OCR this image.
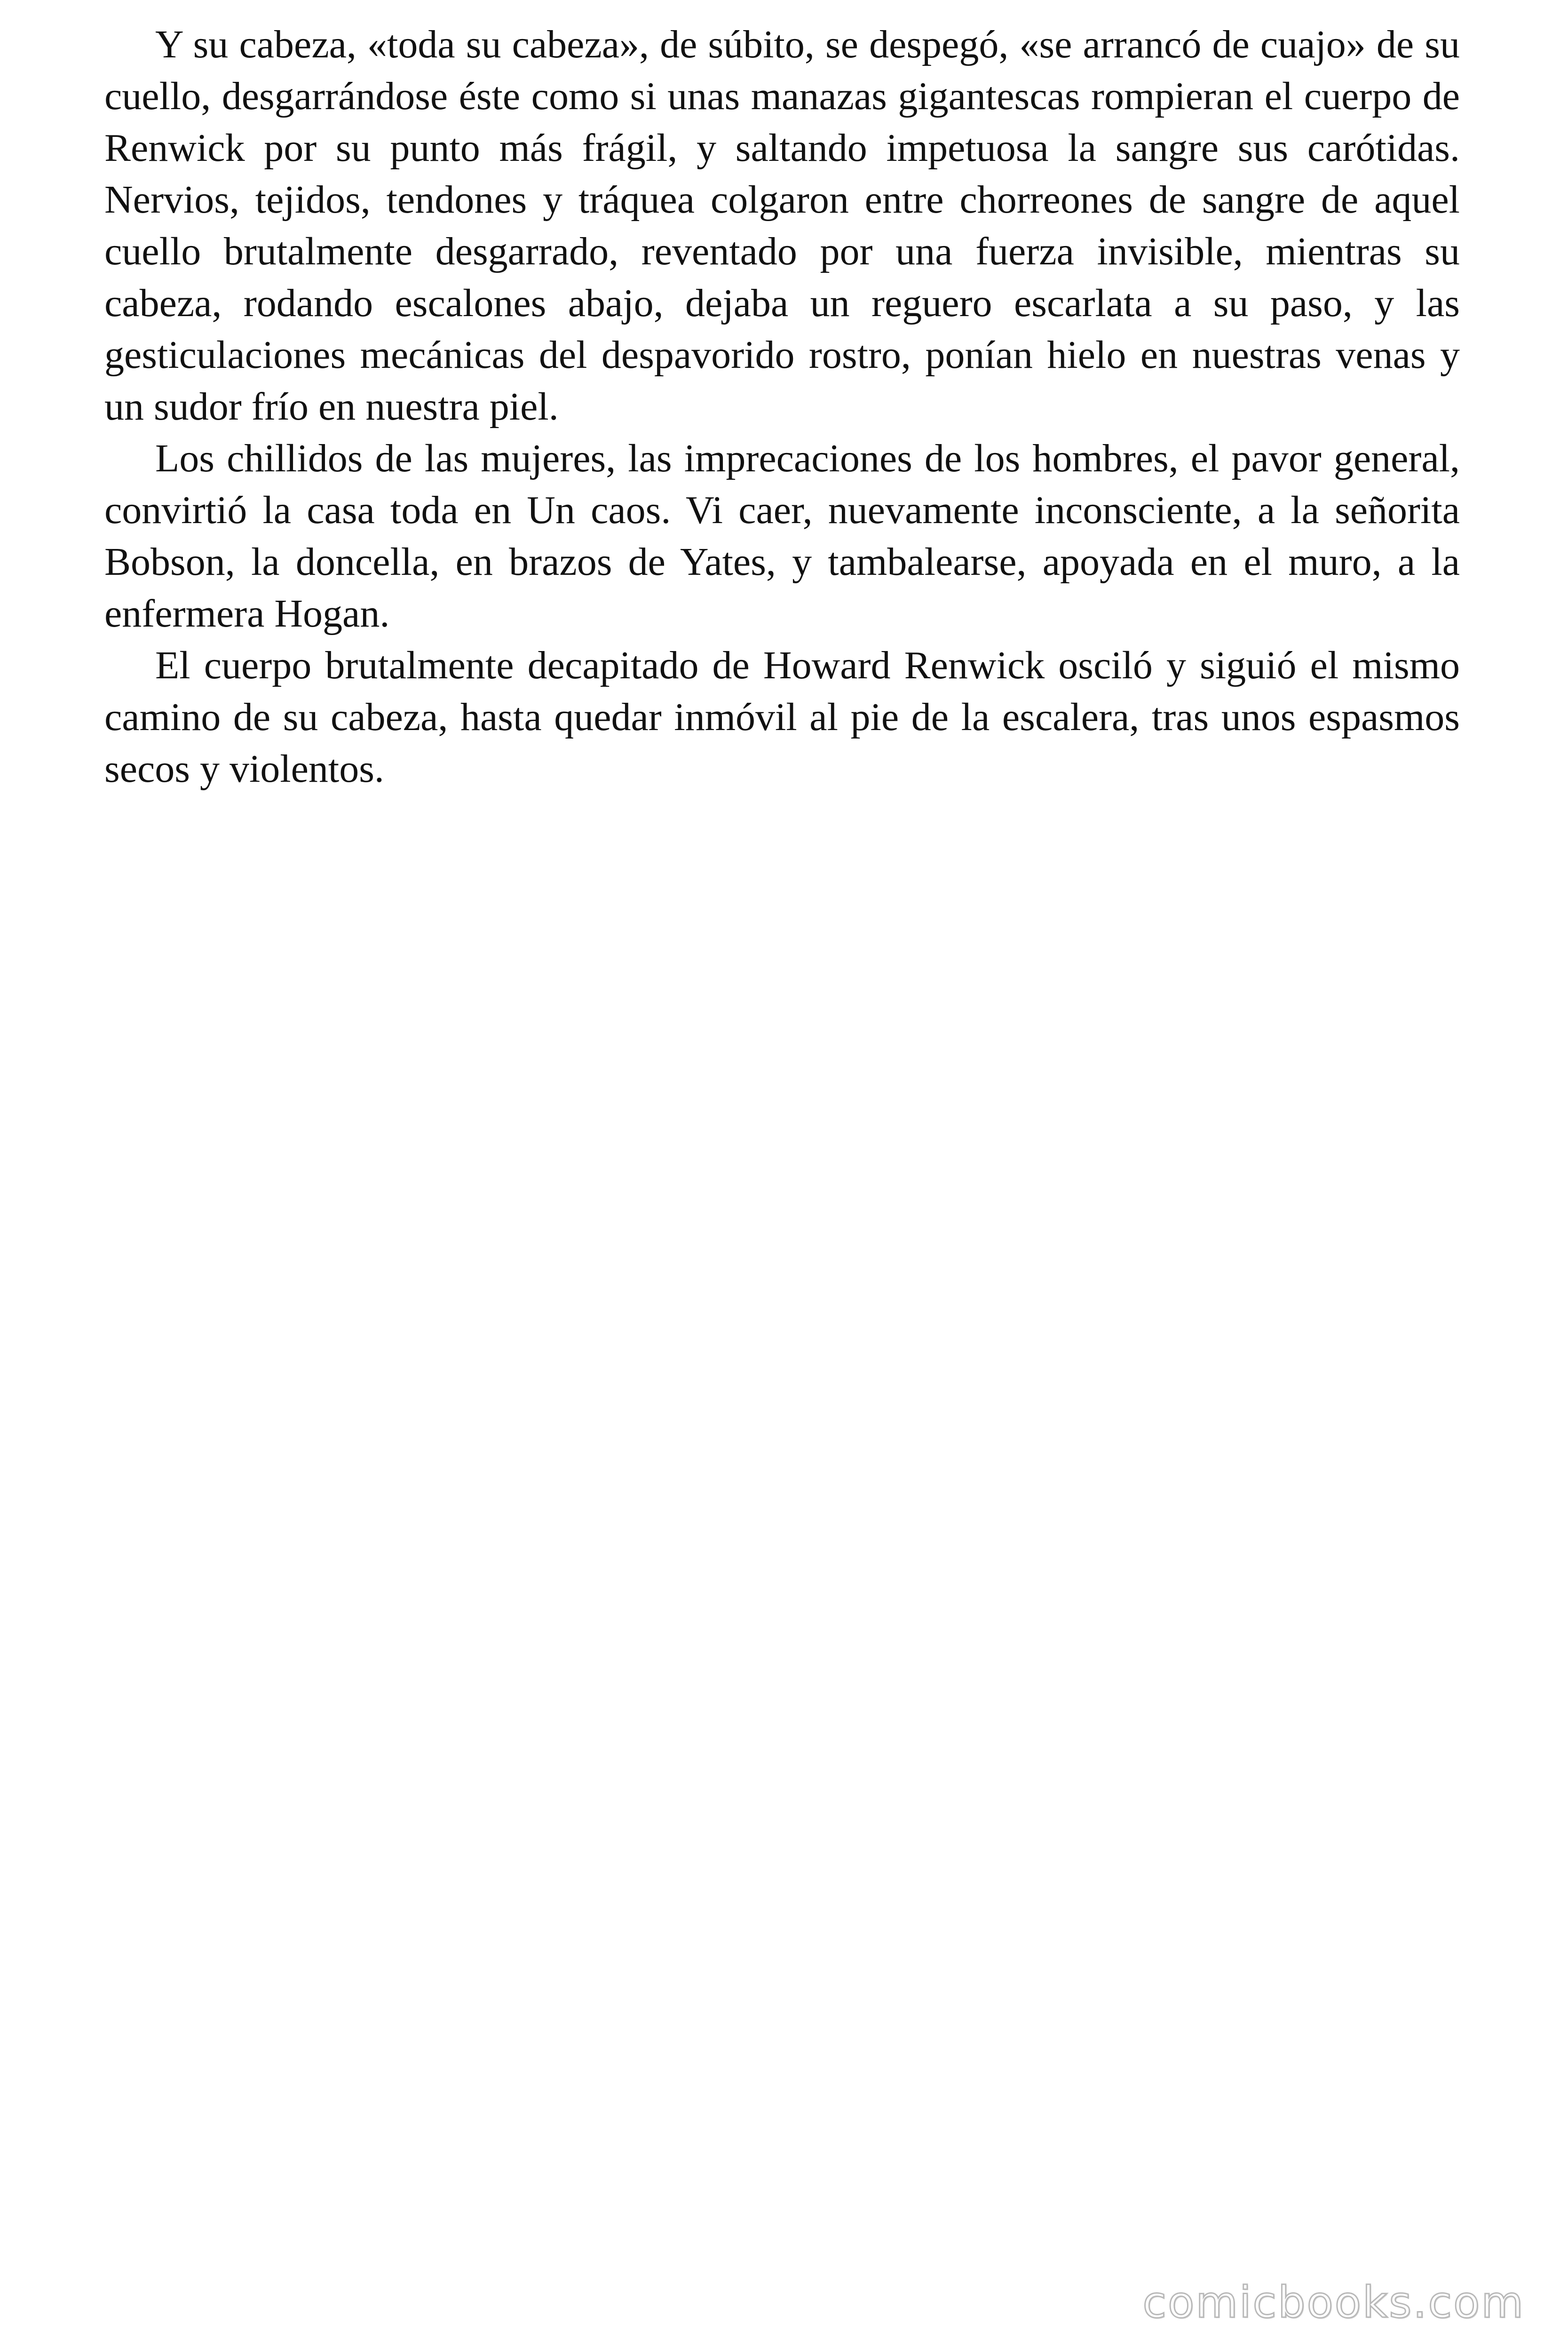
Y su cabeza, «toda su cabeza», de súbito, se despegó, «se arrancó de cuajo» de su cuello, desgarrándose éste como si unas manazas gigantescas rompieran el cuerpo de Renwick por su punto más frágil, y saltando impetuosa la sangre sus carótidas. Nervios, tejidos, tendones y tráquea colgaron entre chorreones de sangre de aquel cuello brutalmente desgarrado, reventado por una fuerza invisible, mientras su cabeza, rodando escalones abajo, dejaba un reguero escarlata a su paso, y las gesticulaciones mecánicas del despavorido rostro, ponían hielo en nuestras venas y un sudor frío en nuestra piel.

Los chillidos de las mujeres, las imprecaciones de los hombres, el pavor general, convirtió la casa toda en Un caos. Vi caer, nuevamente inconsciente, a la señorita Bobson, la doncella, en brazos de Yates, y tambalearse, apoyada en el muro, a la enfermera Hogan.

El cuerpo brutalmente decapitado de Howard Renwick osciló y siguió el mismo camino de su cabeza, hasta quedar inmóvil al pie de la escalera, tras unos espasmos secos y violentos.

comicbooks.com
